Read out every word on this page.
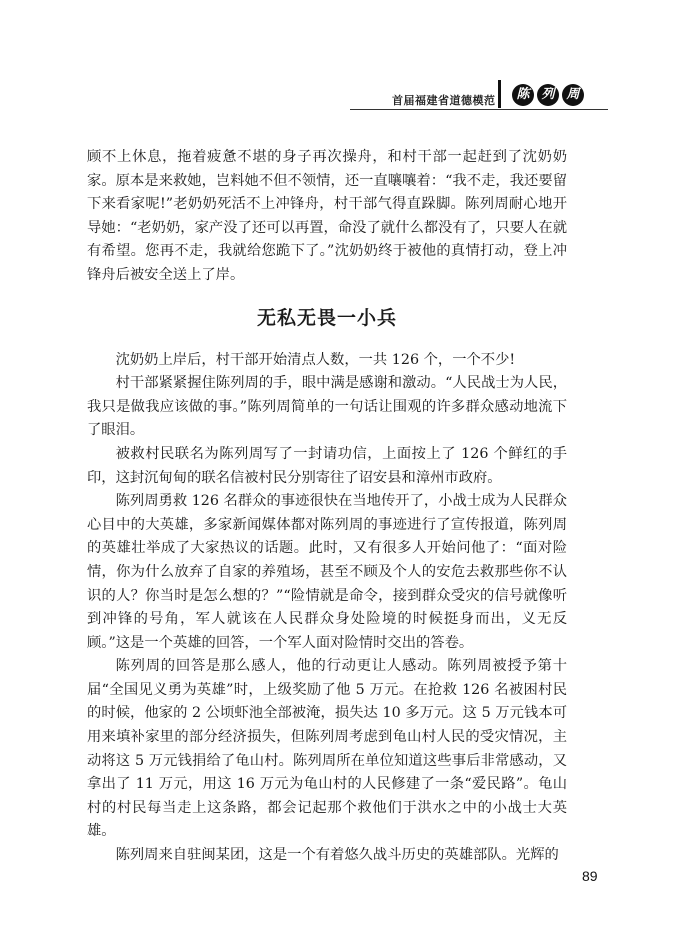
首届福建省道德模范	陈 列 周

顾不上休息，拖着疲惫不堪的身子再次操舟，和村干部一起赶到了沈奶奶家。原本是来救她，岂料她不但不领情，还一直嚷嚷着：“我不走，我还要留下来看家呢!”老奶奶死活不上冲锋舟，村干部气得直跺脚。陈列周耐心地开导她：“老奶奶，家产没了还可以再置，命没了就什么都没有了，只要人在就有希望。您再不走，我就给您跪下了。”沈奶奶终于被他的真情打动，登上冲锋舟后被安全送上了岸。

无私无畏一小兵

沈奶奶上岸后，村干部开始清点人数，一共 126 个，一个不少!

村干部紧紧握住陈列周的手，眼中满是感谢和激动。“人民战士为人民，我只是做我应该做的事。”陈列周简单的一句话让围观的许多群众感动地流下了眼泪。

被救村民联名为陈列周写了一封请功信，上面按上了 126 个鲜红的手印，这封沉甸甸的联名信被村民分别寄往了诏安县和漳州市政府。

陈列周勇救 126 名群众的事迹很快在当地传开了，小战士成为人民群众心目中的大英雄，多家新闻媒体都对陈列周的事迹进行了宣传报道，陈列周的英雄壮举成了大家热议的话题。此时，又有很多人开始问他了：“面对险情，你为什么放弃了自家的养殖场，甚至不顾及个人的安危去救那些你不认识的人？你当时是怎么想的？”“险情就是命令，接到群众受灾的信号就像听到冲锋的号角，军人就该在人民群众身处险境的时候挺身而出，义无反顾。”这是一个英雄的回答，一个军人面对险情时交出的答卷。

陈列周的回答是那么感人，他的行动更让人感动。陈列周被授予第十届“全国见义勇为英雄”时，上级奖励了他 5 万元。在抢救 126 名被困村民的时候，他家的 2 公顷虾池全部被淹，损失达 10 多万元。这 5 万元钱本可用来填补家里的部分经济损失，但陈列周考虑到龟山村人民的受灾情况，主动将这 5 万元钱捐给了龟山村。陈列周所在单位知道这些事后非常感动，又拿出了 11 万元，用这 16 万元为龟山村的人民修建了一条“爱民路”。龟山村的村民每当走上这条路，都会记起那个救他们于洪水之中的小战士大英雄。

陈列周来自驻闽某团，这是一个有着悠久战斗历史的英雄部队。光辉的

89
